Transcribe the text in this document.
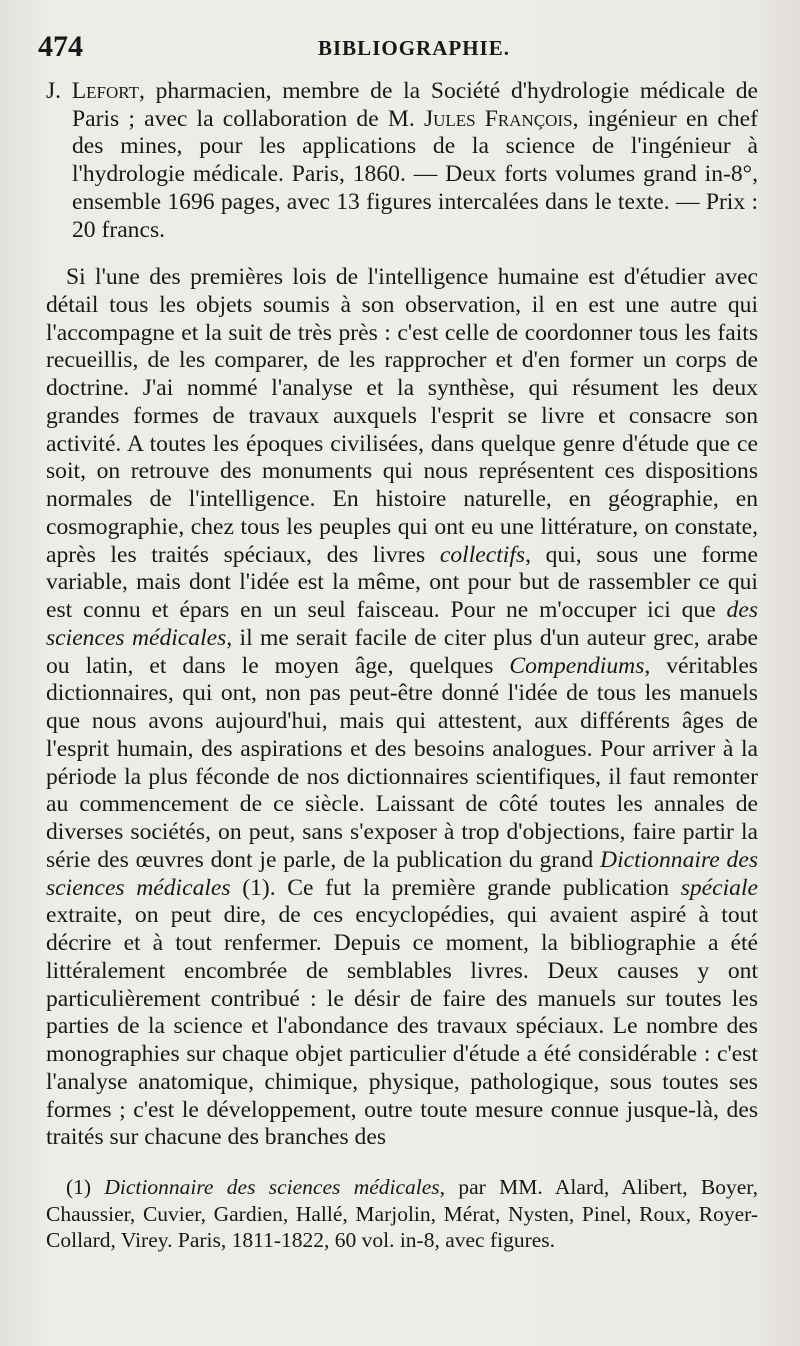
474	BIBLIOGRAPHIE.

J. Lefort, pharmacien, membre de la Société d'hydrologie médicale de Paris ; avec la collaboration de M. Jules François, ingénieur en chef des mines, pour les applications de la science de l'ingénieur à l'hydrologie médicale. Paris, 1860. — Deux forts volumes grand in-8°, ensemble 1696 pages, avec 13 figures intercalées dans le texte. — Prix : 20 francs.

Si l'une des premières lois de l'intelligence humaine est d'étudier avec détail tous les objets soumis à son observation, il en est une autre qui l'accompagne et la suit de très près : c'est celle de coordonner tous les faits recueillis, de les comparer, de les rapprocher et d'en former un corps de doctrine. J'ai nommé l'analyse et la synthèse, qui résument les deux grandes formes de travaux auxquels l'esprit se livre et consacre son activité. A toutes les époques civilisées, dans quelque genre d'étude que ce soit, on retrouve des monuments qui nous représentent ces dispositions normales de l'intelligence. En histoire naturelle, en géographie, en cosmographie, chez tous les peuples qui ont eu une littérature, on constate, après les traités spéciaux, des livres collectifs, qui, sous une forme variable, mais dont l'idée est la même, ont pour but de rassembler ce qui est connu et épars en un seul faisceau. Pour ne m'occuper ici que des sciences médicales, il me serait facile de citer plus d'un auteur grec, arabe ou latin, et dans le moyen âge, quelques Compendiums, véritables dictionnaires, qui ont, non pas peut-être donné l'idée de tous les manuels que nous avons aujourd'hui, mais qui attestent, aux différents âges de l'esprit humain, des aspirations et des besoins analogues. Pour arriver à la période la plus féconde de nos dictionnaires scientifiques, il faut remonter au commencement de ce siècle. Laissant de côté toutes les annales de diverses sociétés, on peut, sans s'exposer à trop d'objections, faire partir la série des œuvres dont je parle, de la publication du grand Dictionnaire des sciences médicales (1). Ce fut la première grande publication spéciale extraite, on peut dire, de ces encyclopédies, qui avaient aspiré à tout décrire et à tout renfermer. Depuis ce moment, la bibliographie a été littéralement encombrée de semblables livres. Deux causes y ont particulièrement contribué : le désir de faire des manuels sur toutes les parties de la science et l'abondance des travaux spéciaux. Le nombre des monographies sur chaque objet particulier d'étude a été considérable : c'est l'analyse anatomique, chimique, physique, pathologique, sous toutes ses formes ; c'est le développement, outre toute mesure connue jusque-là, des traités sur chacune des branches des

(1) Dictionnaire des sciences médicales, par MM. Alard, Alibert, Boyer, Chaussier, Cuvier, Gardien, Hallé, Marjolin, Mérat, Nysten, Pinel, Roux, Royer-Collard, Virey. Paris, 1811-1822, 60 vol. in-8, avec figures.
